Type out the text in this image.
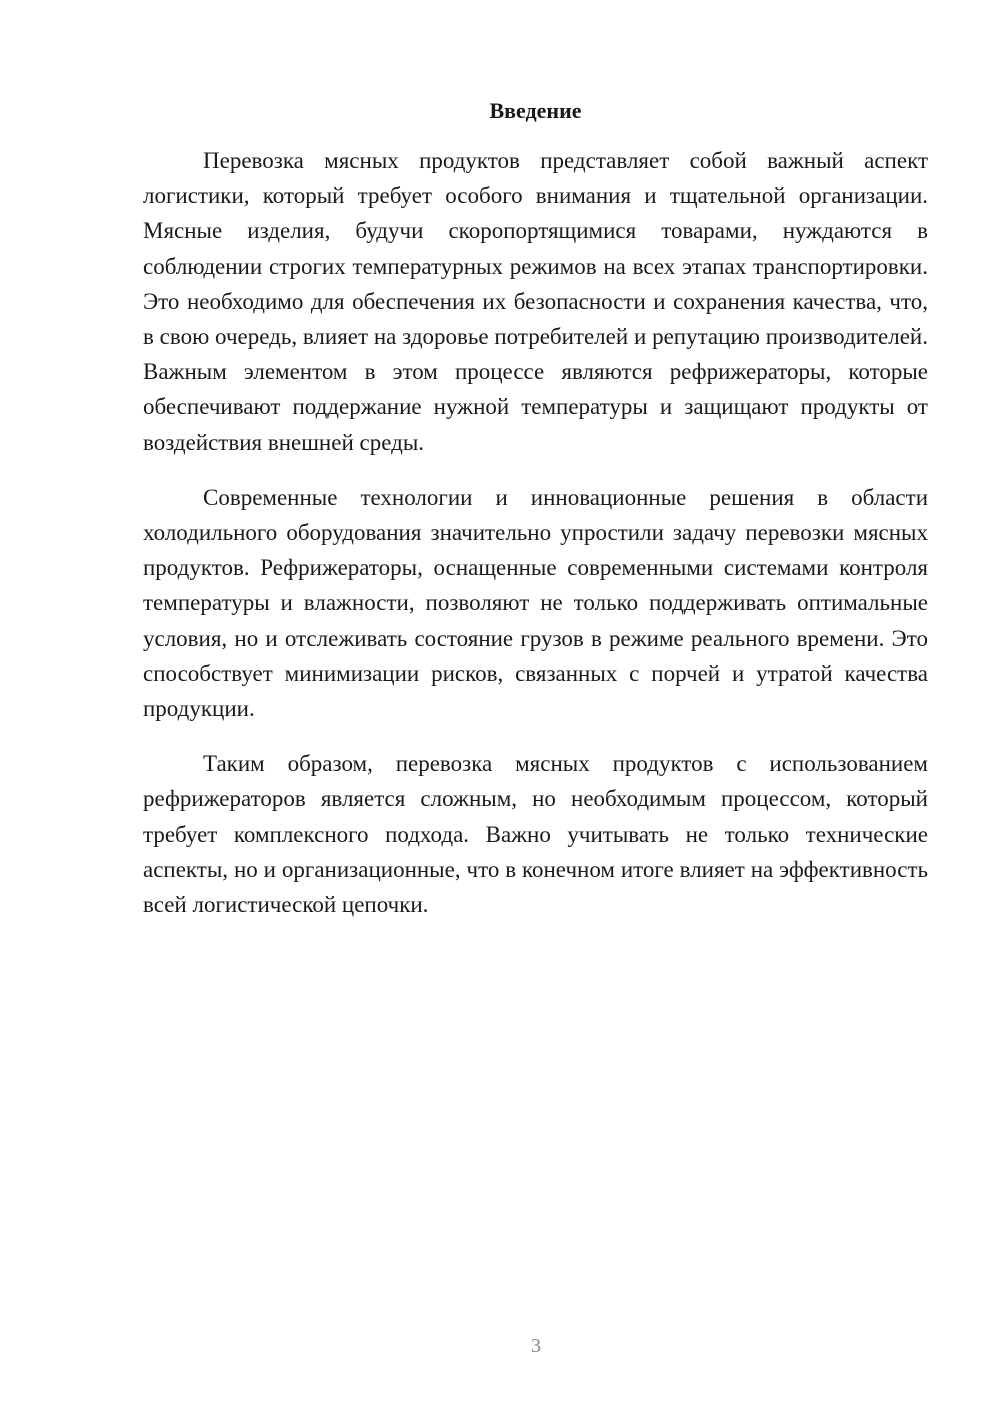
Введение

Перевозка мясных продуктов представляет собой важный аспект логистики, который требует особого внимания и тщательной организации. Мясные изделия, будучи скоропортящимися товарами, нуждаются в соблюдении строгих температурных режимов на всех этапах транспортировки. Это необходимо для обеспечения их безопасности и сохранения качества, что, в свою очередь, влияет на здоровье потребителей и репутацию производителей. Важным элементом в этом процессе являются рефрижераторы, которые обеспечивают поддержание нужной температуры и защищают продукты от воздействия внешней среды.

Современные технологии и инновационные решения в области холодильного оборудования значительно упростили задачу перевозки мясных продуктов. Рефрижераторы, оснащенные современными системами контроля температуры и влажности, позволяют не только поддерживать оптимальные условия, но и отслеживать состояние грузов в режиме реального времени. Это способствует минимизации рисков, связанных с порчей и утратой качества продукции.

Таким образом, перевозка мясных продуктов с использованием рефрижераторов является сложным, но необходимым процессом, который требует комплексного подхода. Важно учитывать не только технические аспекты, но и организационные, что в конечном итоге влияет на эффективность всей логистической цепочки.

3
